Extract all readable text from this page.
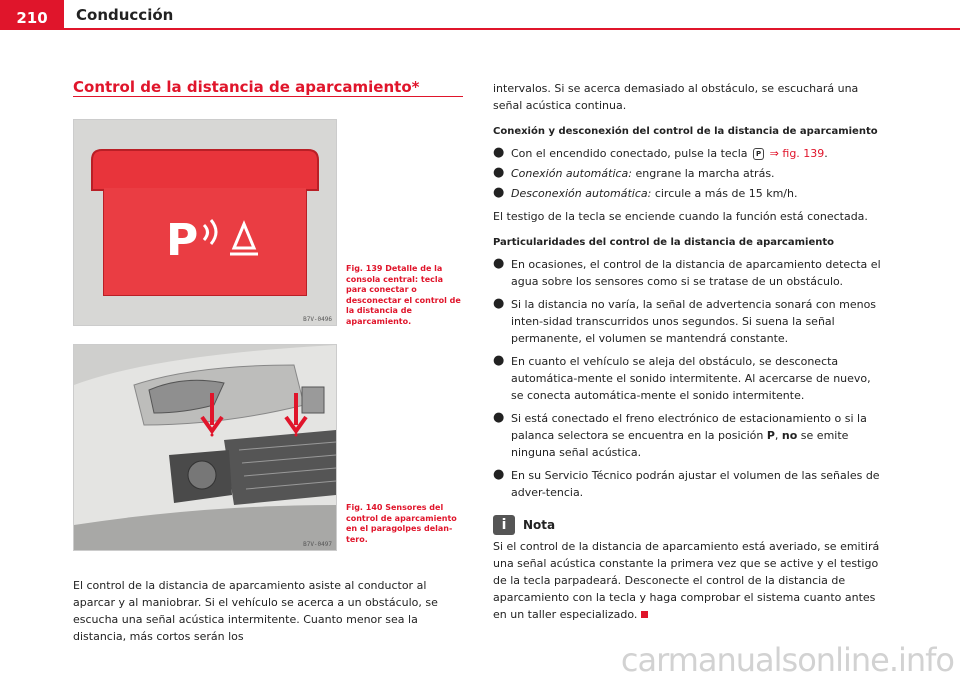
210	Conducción
Control de la distancia de aparcamiento*
P
B7V-0496
Fig. 139 Detalle de la consola central: tecla para conectar o desconectar el control de la distancia de aparcamiento.
B7V-0497
Fig. 140 Sensores del control de aparcamiento en el paragolpes delan-tero.

El control de la distancia de aparcamiento asiste al conductor al aparcar y al maniobrar. Si el vehículo se acerca a un obstáculo, se escucha una señal acústica intermitente. Cuanto menor sea la distancia, más cortos serán los

intervalos. Si se acerca demasiado al obstáculo, se escuchará una señal acústica continua.

Conexión y desconexión del control de la distancia de aparcamiento
● Con el encendido conectado, pulse la tecla P ⇒ fig. 139.
● Conexión automática: engrane la marcha atrás.
● Desconexión automática: circule a más de 15 km/h.

El testigo de la tecla se enciende cuando la función está conectada.

Particularidades del control de la distancia de aparcamiento
● En ocasiones, el control de la distancia de aparcamiento detecta el agua sobre los sensores como si se tratase de un obstáculo.
● Si la distancia no varía, la señal de advertencia sonará con menos inten-sidad transcurridos unos segundos. Si suena la señal permanente, el volumen se mantendrá constante.
● En cuanto el vehículo se aleja del obstáculo, se desconecta automática-mente el sonido intermitente. Al acercarse de nuevo, se conecta automática-mente el sonido intermitente.
● Si está conectado el freno electrónico de estacionamiento o si la palanca selectora se encuentra en la posición P, no se emite ninguna señal acústica.
● En su Servicio Técnico podrán ajustar el volumen de las señales de adver-tencia.
i	Nota

Si el control de la distancia de aparcamiento está averiado, se emitirá una señal acústica constante la primera vez que se active y el testigo de la tecla parpadeará. Desconecte el control de la distancia de aparcamiento con la tecla y haga comprobar el sistema cuanto antes en un taller especializado.

carmanualsonline.info
